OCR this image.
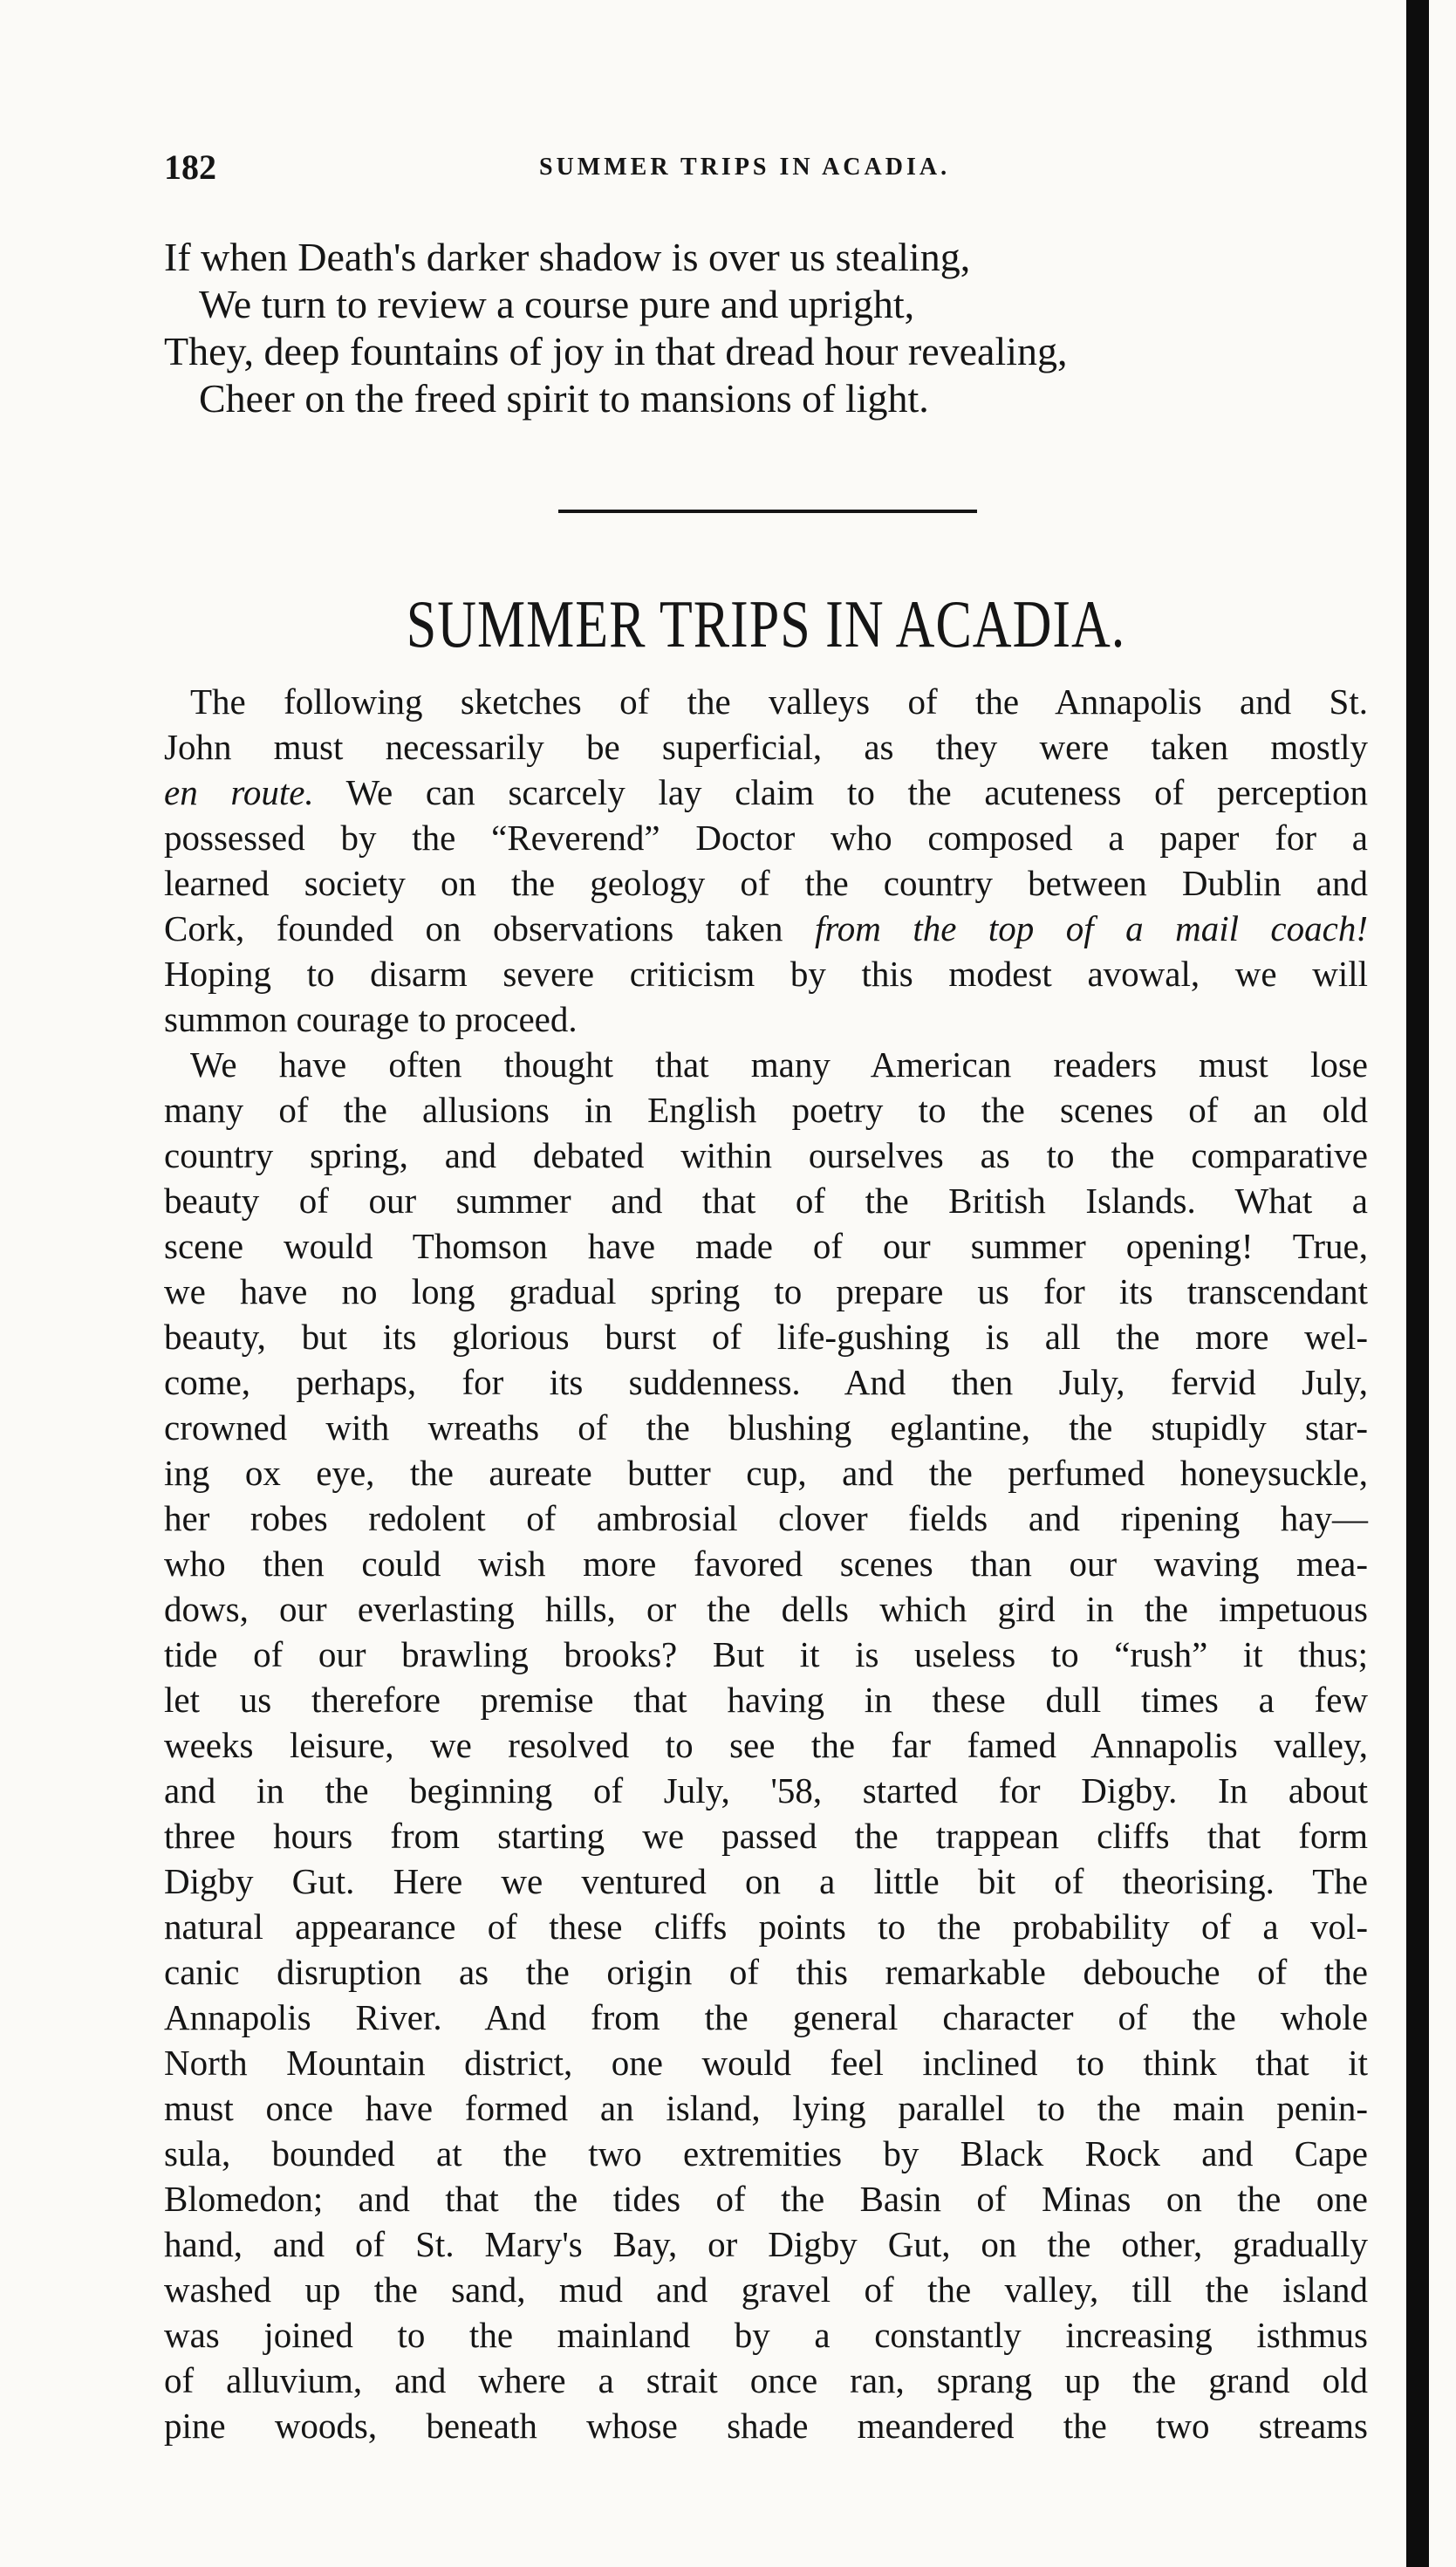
182	SUMMER TRIPS IN ACADIA.
If when Death's darker shadow is over us stealing,
We turn to review a course pure and upright,
They, deep fountains of joy in that dread hour revealing,
Cheer on the freed spirit to mansions of light.
SUMMER TRIPS IN ACADIA.
The following sketches of the valleys of the Annapolis and St.
John must necessarily be superficial, as they were taken mostly
en route. We can scarcely lay claim to the acuteness of perception
possessed by the “Reverend” Doctor who composed a paper for a
learned society on the geology of the country between Dublin and
Cork, founded on observations taken from the top of a mail coach!
Hoping to disarm severe criticism by this modest avowal, we will
summon courage to proceed.
We have often thought that many American readers must lose
many of the allusions in English poetry to the scenes of an old
country spring, and debated within ourselves as to the comparative
beauty of our summer and that of the British Islands. What a
scene would Thomson have made of our summer opening! True,
we have no long gradual spring to prepare us for its transcendant
beauty, but its glorious burst of life-gushing is all the more wel-
come, perhaps, for its suddenness. And then July, fervid July,
crowned with wreaths of the blushing eglantine, the stupidly star-
ing ox eye, the aureate butter cup, and the perfumed honeysuckle,
her robes redolent of ambrosial clover fields and ripening hay—
who then could wish more favored scenes than our waving mea-
dows, our everlasting hills, or the dells which gird in the impetuous
tide of our brawling brooks? But it is useless to “rush” it thus;
let us therefore premise that having in these dull times a few
weeks leisure, we resolved to see the far famed Annapolis valley,
and in the beginning of July, '58, started for Digby. In about
three hours from starting we passed the trappean cliffs that form
Digby Gut. Here we ventured on a little bit of theorising. The
natural appearance of these cliffs points to the probability of a vol-
canic disruption as the origin of this remarkable debouche of the
Annapolis River. And from the general character of the whole
North Mountain district, one would feel inclined to think that it
must once have formed an island, lying parallel to the main penin-
sula, bounded at the two extremities by Black Rock and Cape
Blomedon; and that the tides of the Basin of Minas on the one
hand, and of St. Mary's Bay, or Digby Gut, on the other, gradually
washed up the sand, mud and gravel of the valley, till the island
was joined to the mainland by a constantly increasing isthmus
of alluvium, and where a strait once ran, sprang up the grand old
pine woods, beneath whose shade meandered the two streams
